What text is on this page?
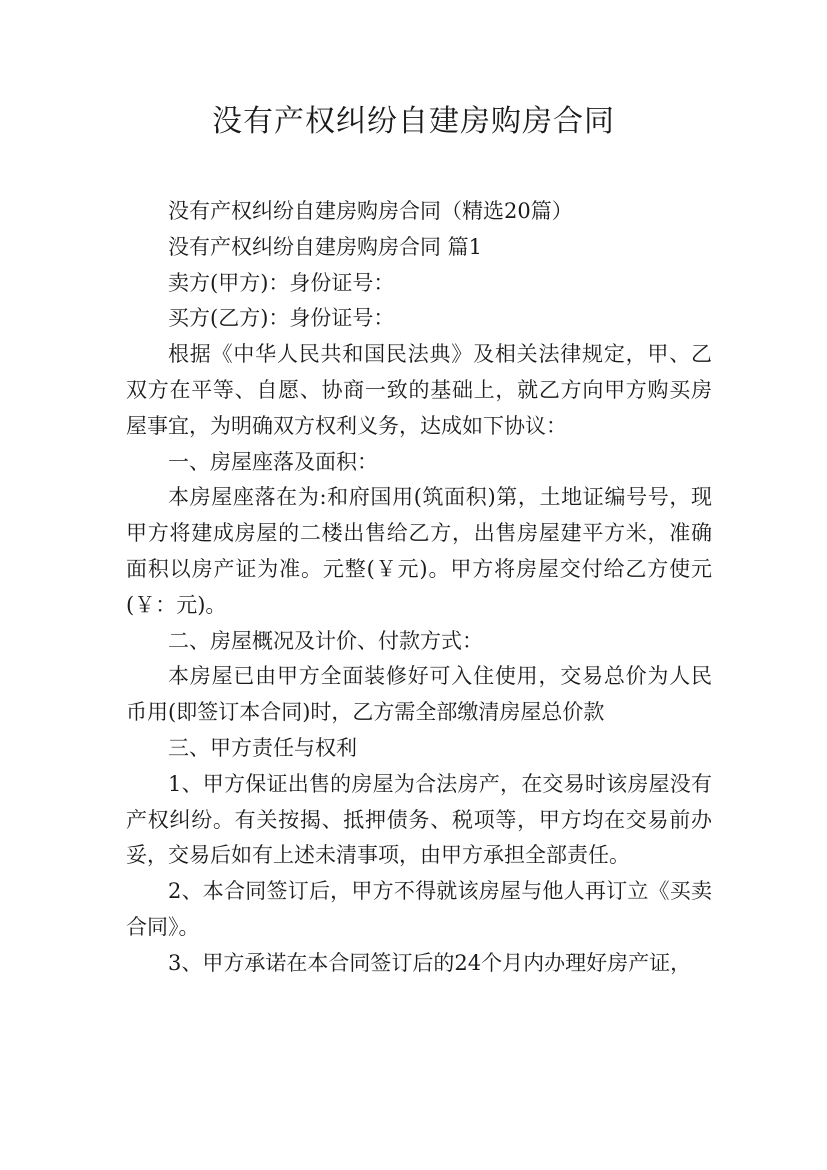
没有产权纠纷自建房购房合同

没有产权纠纷自建房购房合同（精选20篇）

没有产权纠纷自建房购房合同 篇1

卖方(甲方)：身份证号：

买方(乙方)：身份证号：

根据《中华人民共和国民法典》及相关法律规定，甲、乙双方在平等、自愿、协商一致的基础上，就乙方向甲方购买房屋事宜，为明确双方权利义务，达成如下协议：

一、房屋座落及面积：

本房屋座落在为:和府国用(筑面积)第，土地证编号号，现甲方将建成房屋的二楼出售给乙方，出售房屋建平方米，准确面积以房产证为准。元整(￥元)。甲方将房屋交付给乙方使元(￥：元)。

二、房屋概况及计价、付款方式：

本房屋已由甲方全面装修好可入住使用，交易总价为人民币用(即签订本合同)时，乙方需全部缴清房屋总价款

三、甲方责任与权利

1、甲方保证出售的房屋为合法房产，在交易时该房屋没有产权纠纷。有关按揭、抵押债务、税项等，甲方均在交易前办妥，交易后如有上述未清事项，由甲方承担全部责任。

2、本合同签订后，甲方不得就该房屋与他人再订立《买卖合同》。

3、甲方承诺在本合同签订后的24个月内办理好房产证，
